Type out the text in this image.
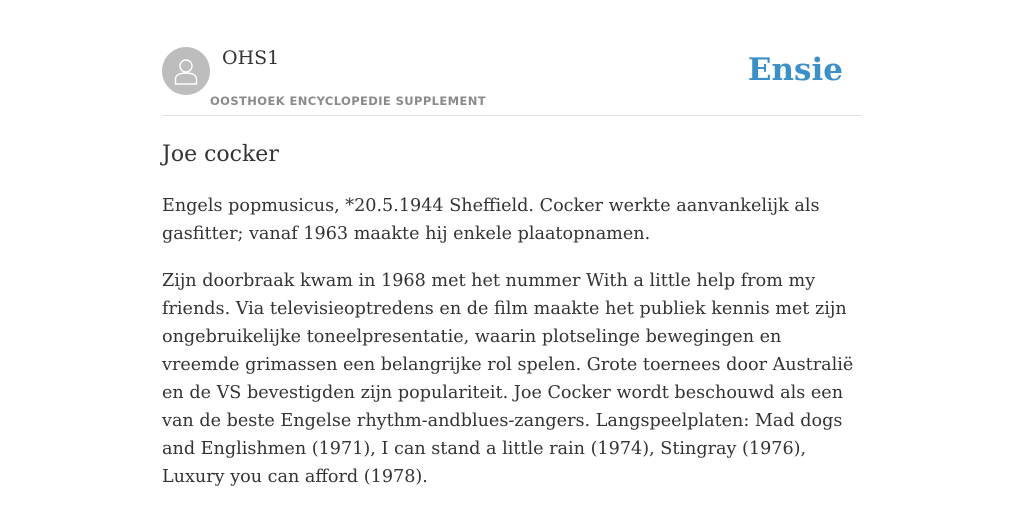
OHS1
OOSTHOEK ENCYCLOPEDIE SUPPLEMENT
Ensie
Joe cocker

Engels popmusicus, *20.5.1944 Sheffield. Cocker werkte aanvankelijk als gasfitter; vanaf 1963 maakte hij enkele plaatopnamen.

Zijn doorbraak kwam in 1968 met het nummer With a little help from my friends. Via televisieoptredens en de film maakte het publiek kennis met zijn ongebruikelijke toneelpresentatie, waarin plotselinge bewegingen en vreemde grimassen een belangrijke rol spelen. Grote toernees door Australië en de VS bevestigden zijn populariteit. Joe Cocker wordt beschouwd als een van de beste Engelse rhythm-andblues-zangers. Langspeelplaten: Mad dogs and Englishmen (1971), I can stand a little rain (1974), Stingray (1976), Luxury you can afford (1978).
